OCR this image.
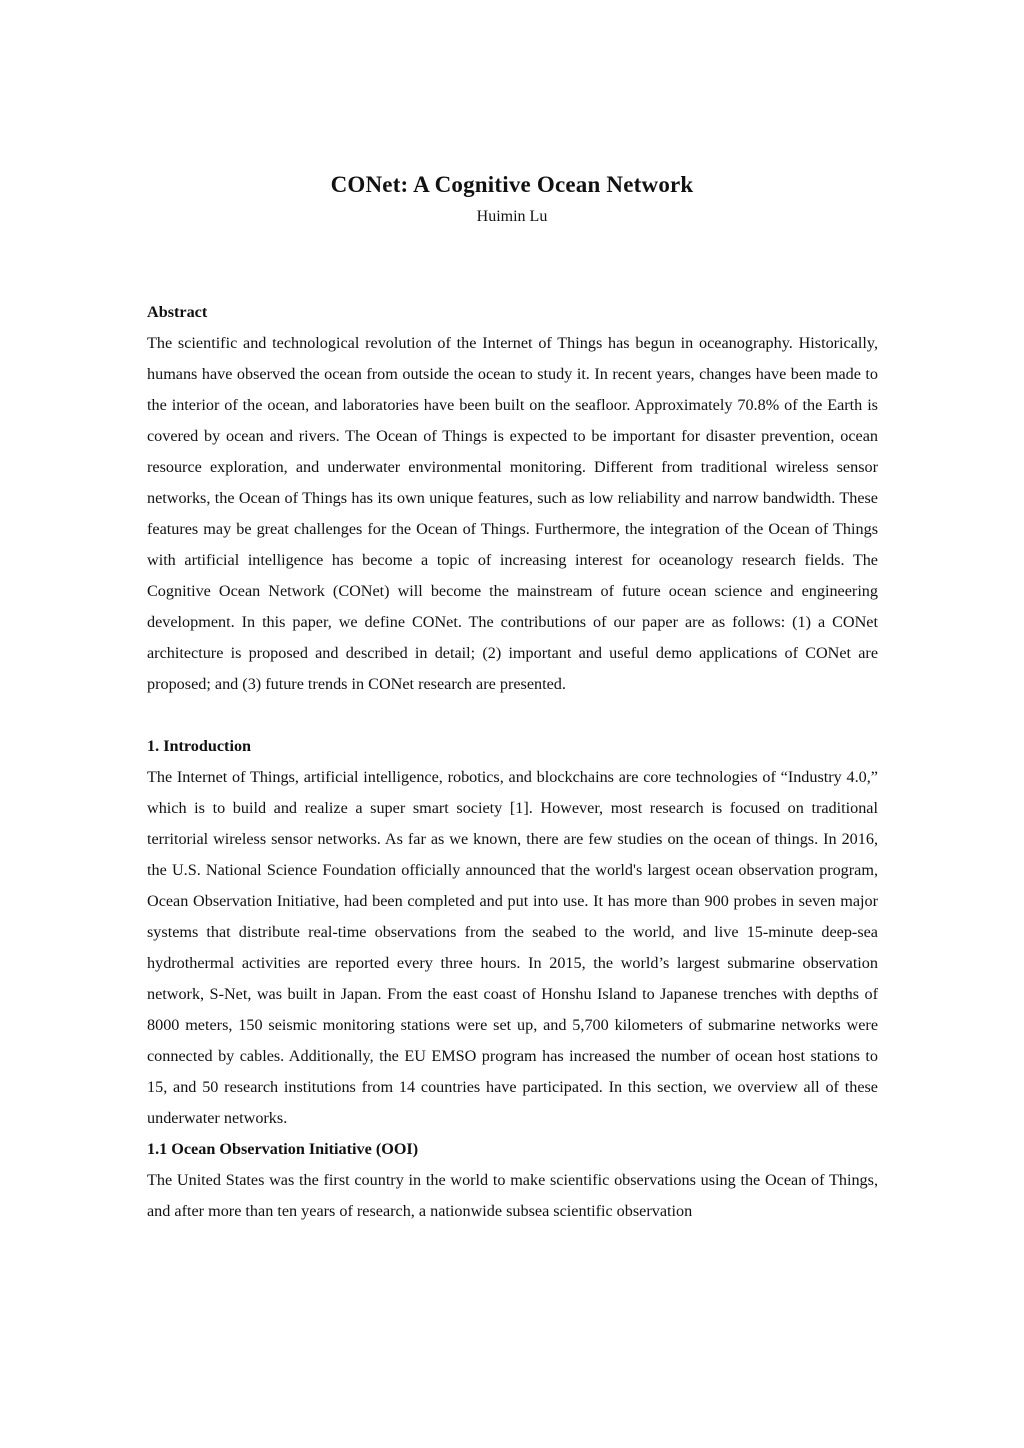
CONet: A Cognitive Ocean Network
Huimin Lu

Abstract

The scientific and technological revolution of the Internet of Things has begun in oceanography. Historically, humans have observed the ocean from outside the ocean to study it. In recent years, changes have been made to the interior of the ocean, and laboratories have been built on the seafloor. Approximately 70.8% of the Earth is covered by ocean and rivers. The Ocean of Things is expected to be important for disaster prevention, ocean resource exploration, and underwater environmental monitoring. Different from traditional wireless sensor networks, the Ocean of Things has its own unique features, such as low reliability and narrow bandwidth. These features may be great challenges for the Ocean of Things. Furthermore, the integration of the Ocean of Things with artificial intelligence has become a topic of increasing interest for oceanology research fields. The Cognitive Ocean Network (CONet) will become the mainstream of future ocean science and engineering development. In this paper, we define CONet. The contributions of our paper are as follows: (1) a CONet architecture is proposed and described in detail; (2) important and useful demo applications of CONet are proposed; and (3) future trends in CONet research are presented.

1. Introduction

The Internet of Things, artificial intelligence, robotics, and blockchains are core technologies of “Industry 4.0,” which is to build and realize a super smart society [1]. However, most research is focused on traditional territorial wireless sensor networks. As far as we known, there are few studies on the ocean of things. In 2016, the U.S. National Science Foundation officially announced that the world's largest ocean observation program, Ocean Observation Initiative, had been completed and put into use. It has more than 900 probes in seven major systems that distribute real-time observations from the seabed to the world, and live 15-minute deep-sea hydrothermal activities are reported every three hours. In 2015, the world’s largest submarine observation network, S-Net, was built in Japan. From the east coast of Honshu Island to Japanese trenches with depths of 8000 meters, 150 seismic monitoring stations were set up, and 5,700 kilometers of submarine networks were connected by cables. Additionally, the EU EMSO program has increased the number of ocean host stations to 15, and 50 research institutions from 14 countries have participated. In this section, we overview all of these underwater networks.

1.1 Ocean Observation Initiative (OOI)

The United States was the first country in the world to make scientific observations using the Ocean of Things, and after more than ten years of research, a nationwide subsea scientific observation
